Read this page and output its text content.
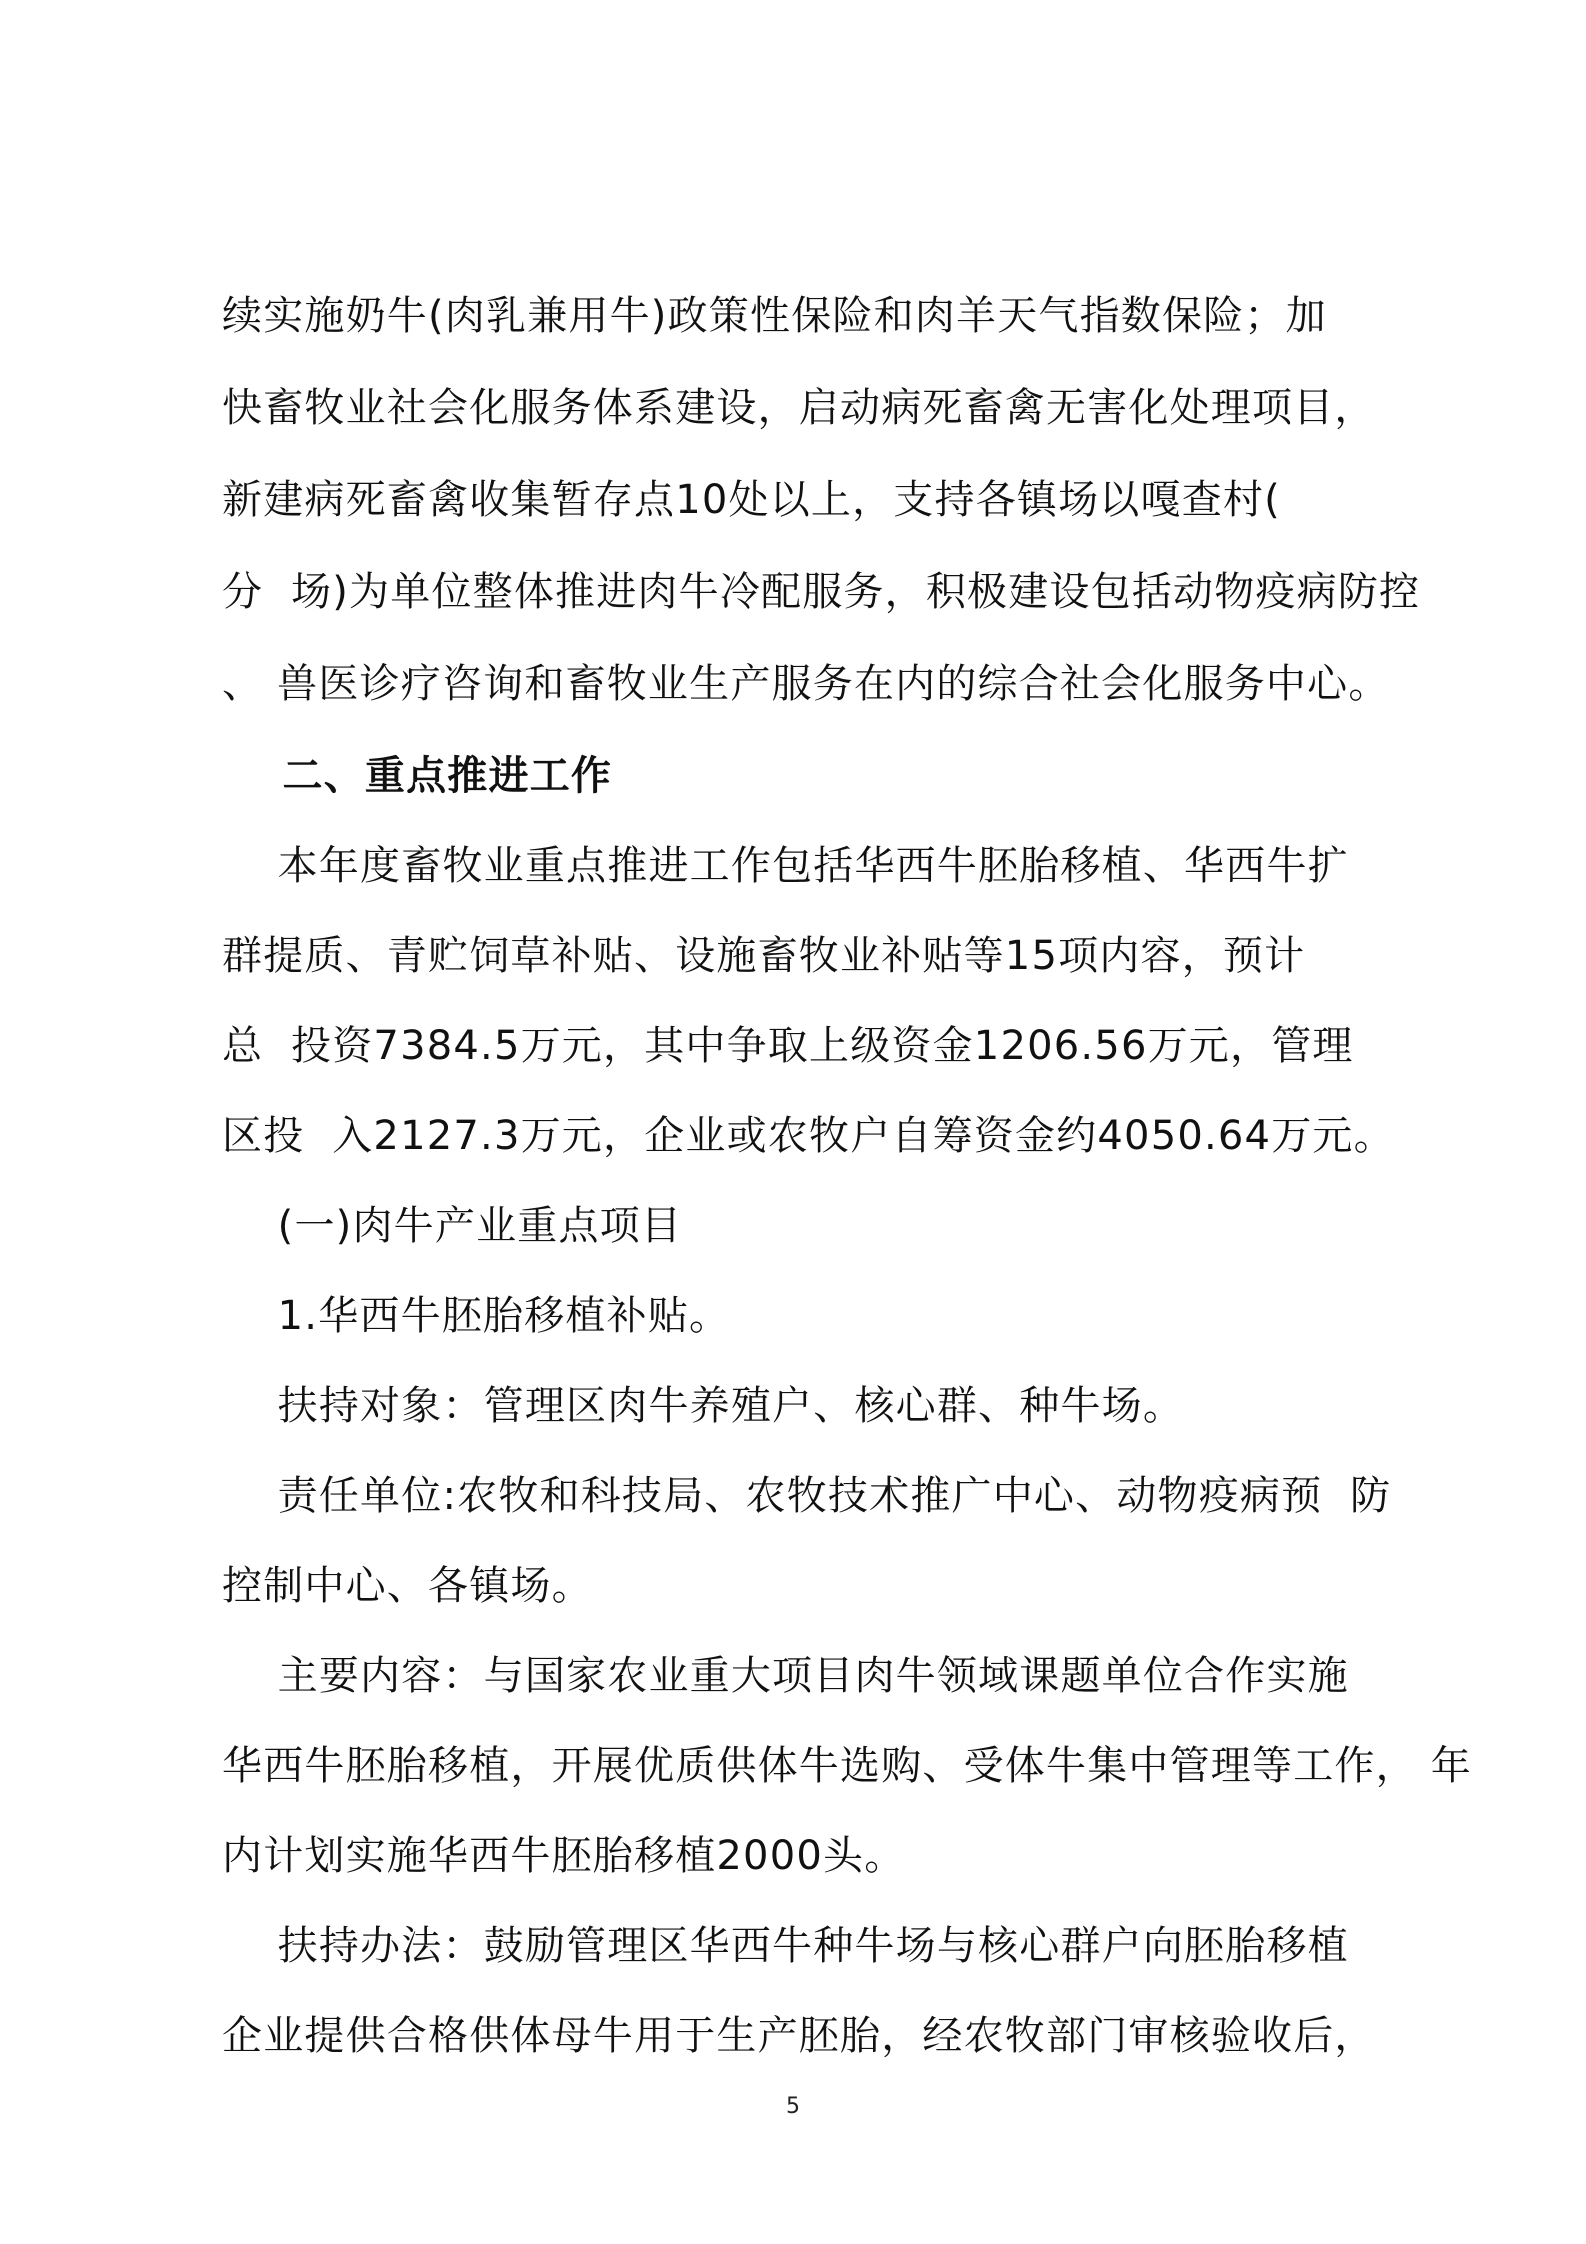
续实施奶牛(肉乳兼用牛)政策性保险和肉羊天气指数保险；加
快畜牧业社会化服务体系建设，启动病死畜禽无害化处理项目，
新建病死畜禽收集暂存点10处以上，支持各镇场以嘎查村(
分  场)为单位整体推进肉牛冷配服务，积极建设包括动物疫病防控
、 兽医诊疗咨询和畜牧业生产服务在内的综合社会化服务中心。
二、重点推进工作
本年度畜牧业重点推进工作包括华西牛胚胎移植、华西牛扩
群提质、青贮饲草补贴、设施畜牧业补贴等15项内容，预计
总  投资7384.5万元，其中争取上级资金1206.56万元，管理
区投  入2127.3万元，企业或农牧户自筹资金约4050.64万元。
(一)肉牛产业重点项目
1.华西牛胚胎移植补贴。
扶持对象：管理区肉牛养殖户、核心群、种牛场。
责任单位:农牧和科技局、农牧技术推广中心、动物疫病预  防
控制中心、各镇场。
主要内容：与国家农业重大项目肉牛领域课题单位合作实施
华西牛胚胎移植，开展优质供体牛选购、受体牛集中管理等工作， 年
内计划实施华西牛胚胎移植2000头。
扶持办法：鼓励管理区华西牛种牛场与核心群户向胚胎移植
企业提供合格供体母牛用于生产胚胎，经农牧部门审核验收后，
5
